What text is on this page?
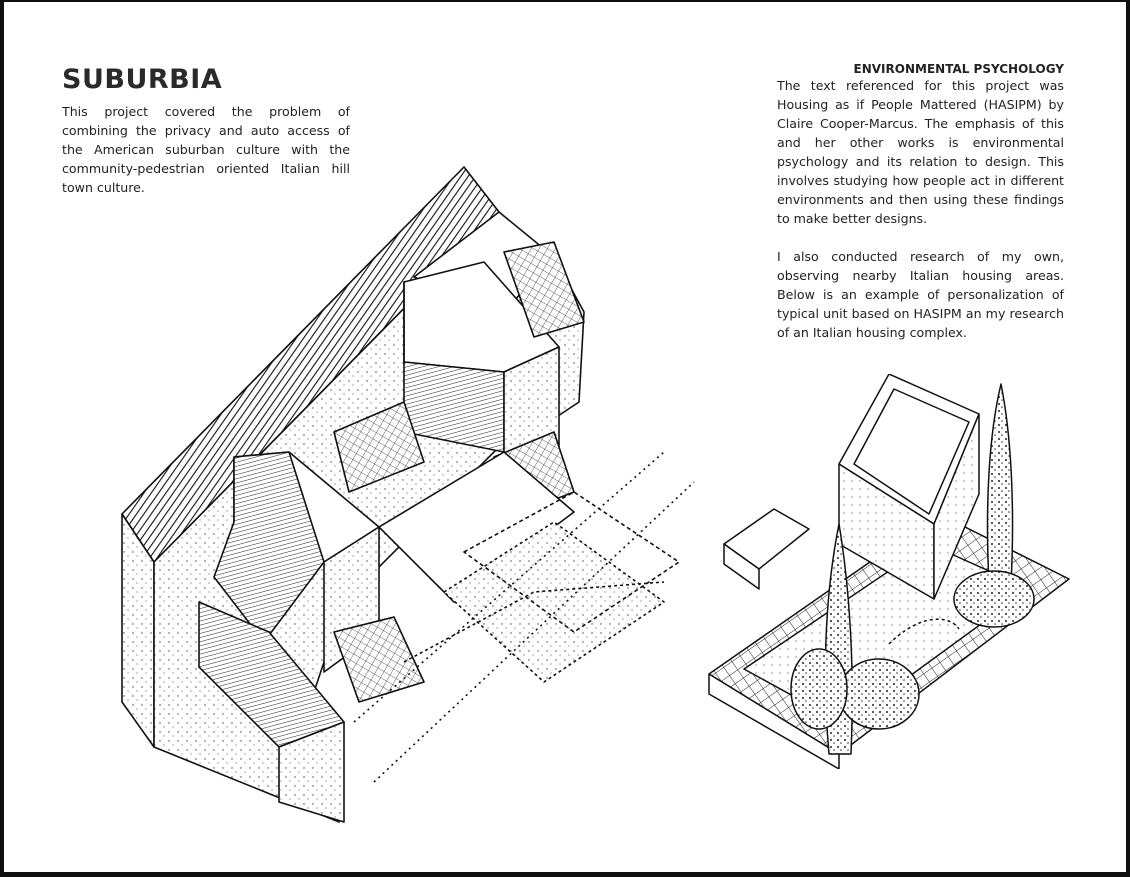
SUBURBIA

This project covered the problem of combining the privacy and auto access of the American suburban culture with the community-pedestrian oriented Italian hill town culture.

ENVIRONMENTAL PSYCHOLOGY

The text referenced for this project was Housing as if People Mattered (HASIPM) by Claire Cooper-Marcus. The emphasis of this and her other works is environmental psychology and its relation to design. This involves studying how people act in different environments and then using these findings to make better designs.

I also conducted research of my own, observing nearby Italian housing areas. Below is an example of personalization of typical unit based on HASIPM an my research of an Italian housing complex.
